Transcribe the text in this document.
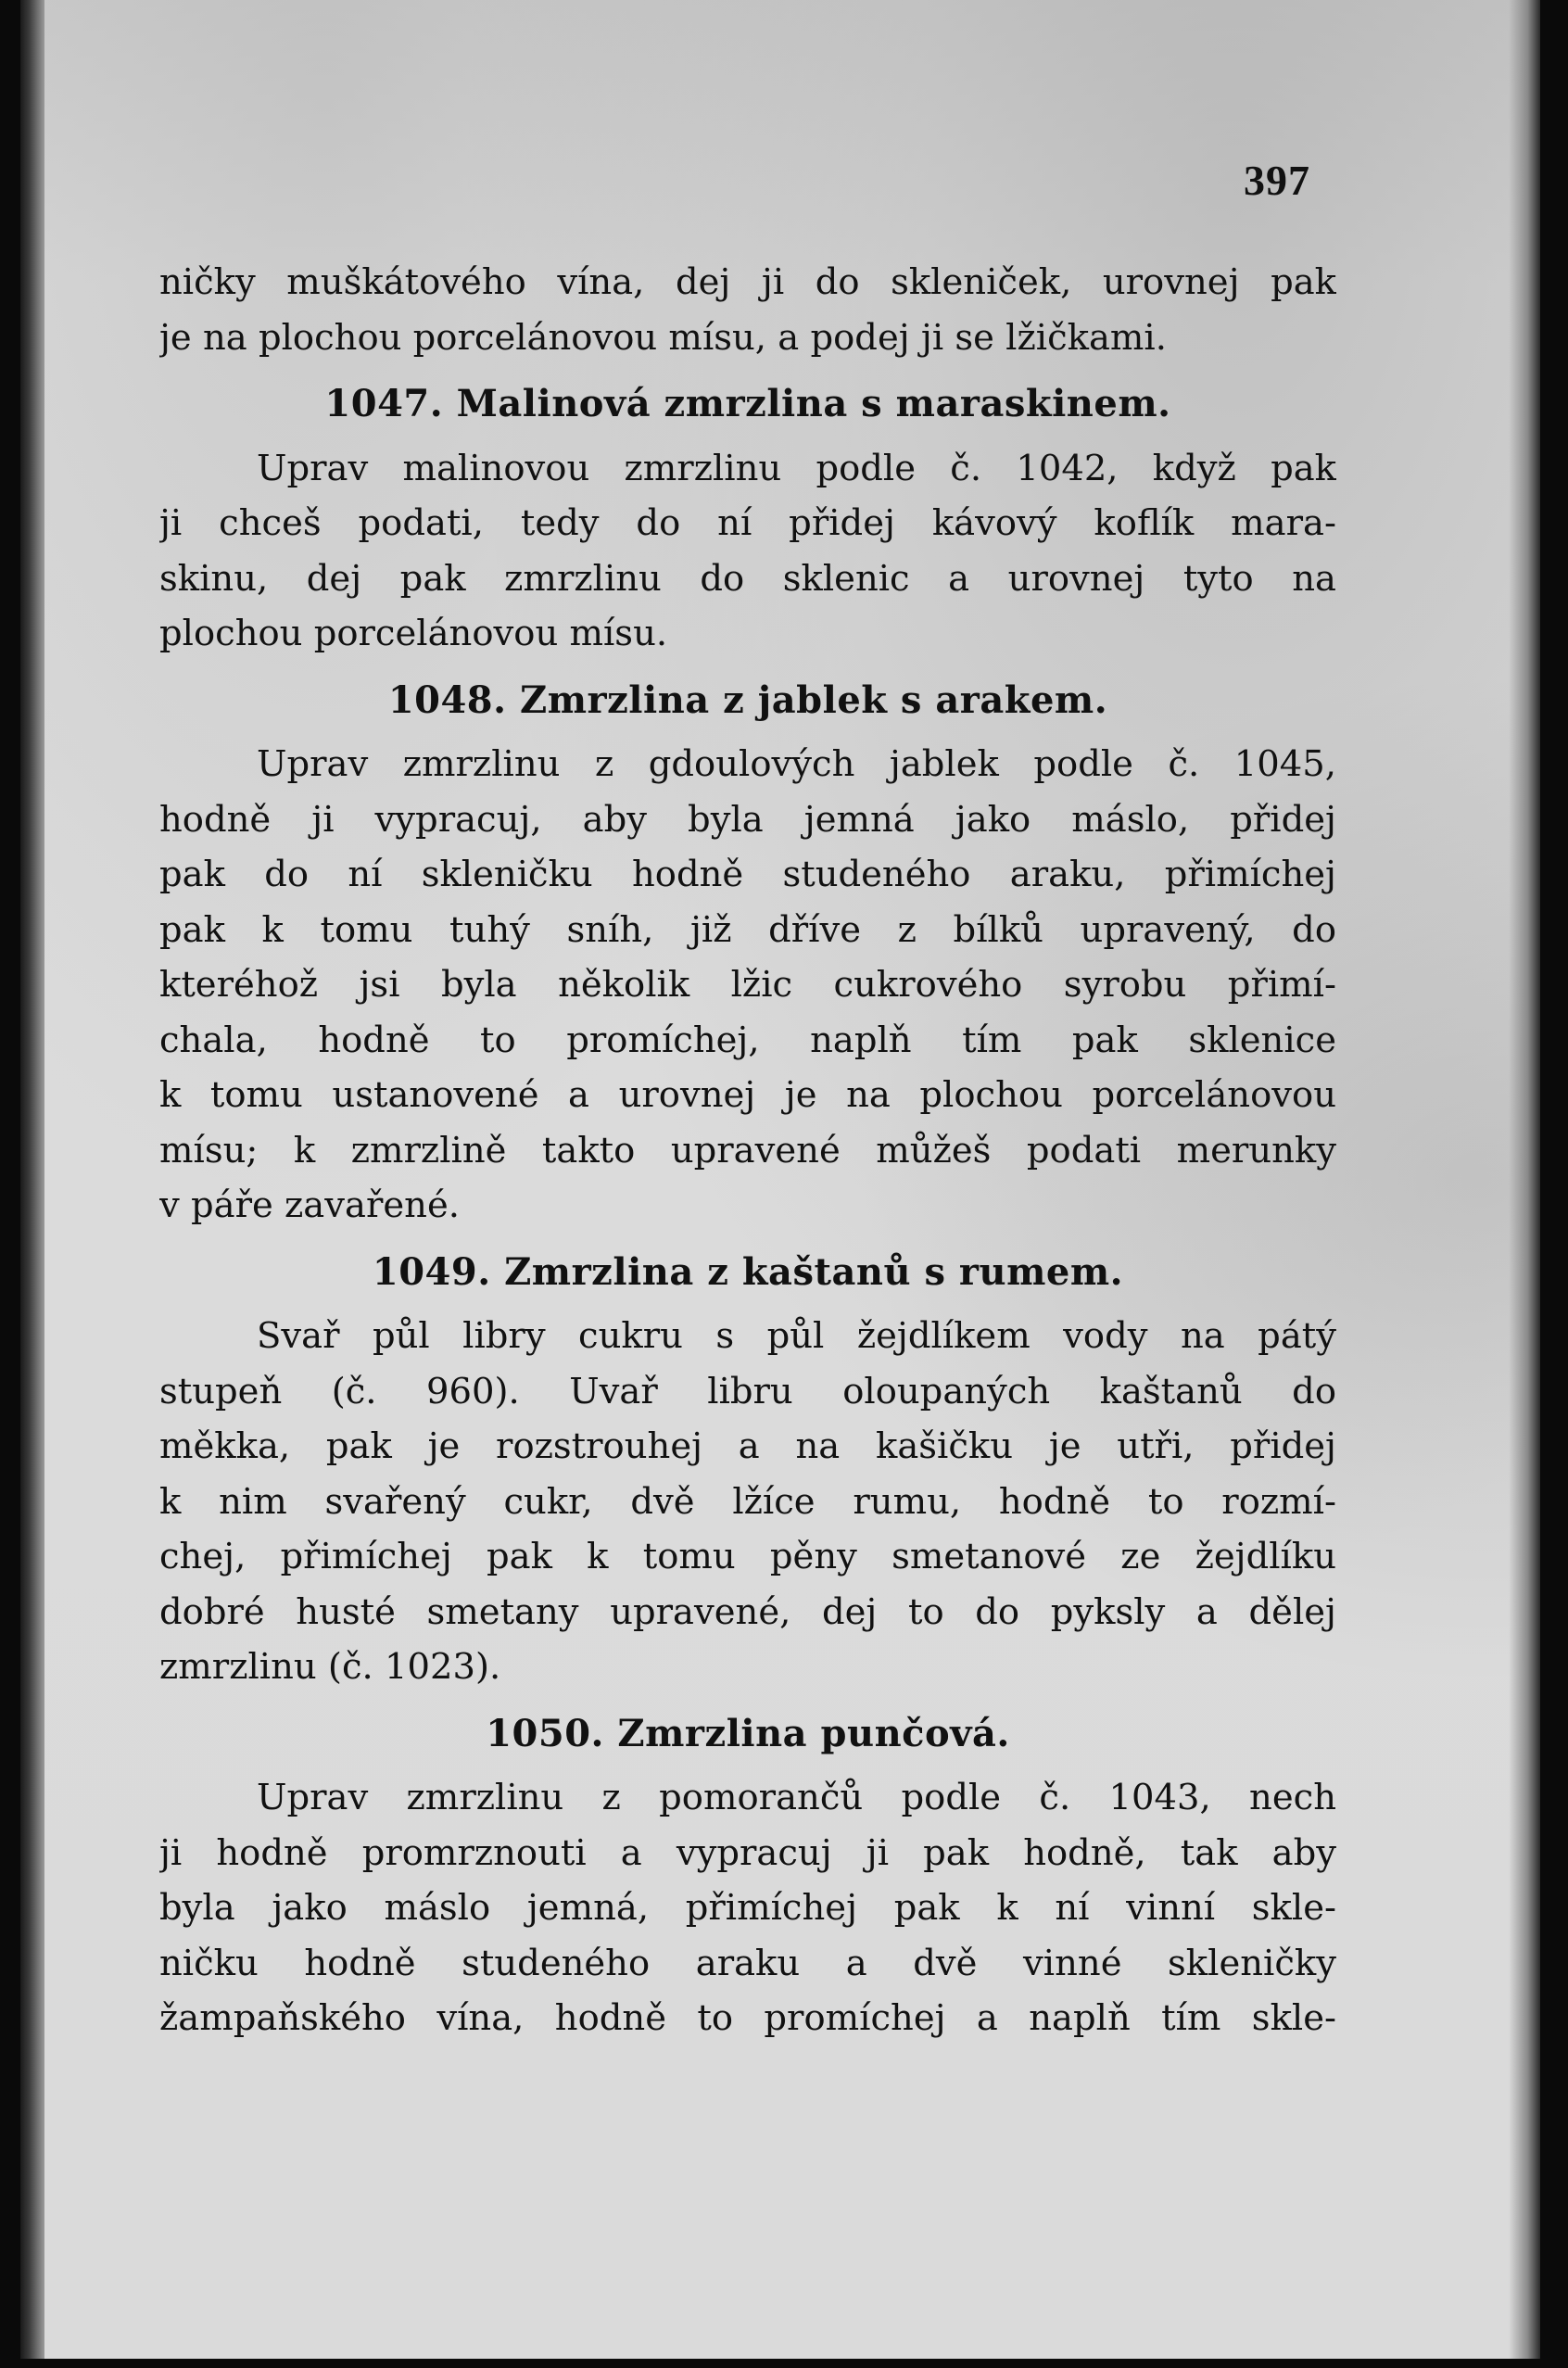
397
ničky muškátového vína, dej ji do skleniček, urovnej pak
je na plochou porcelánovou mísu, a podej ji se lžičkami.
1047. Malinová zmrzlina s maraskinem.
Uprav malinovou zmrzlinu podle č. 1042, když pak
ji chceš podati, tedy do ní přidej kávový koflík mara-
skinu, dej pak zmrzlinu do sklenic a urovnej tyto na
plochou porcelánovou mísu.
1048. Zmrzlina z jablek s arakem.
Uprav zmrzlinu z gdoulových jablek podle č. 1045,
hodně ji vypracuj, aby byla jemná jako máslo, přidej
pak do ní skleničku hodně studeného araku, přimíchej
pak k tomu tuhý sníh, již dříve z bílků upravený, do
kteréhož jsi byla několik lžic cukrového syrobu přimí-
chala, hodně to promíchej, naplň tím pak sklenice
k tomu ustanovené a urovnej je na plochou porcelánovou
mísu; k zmrzlině takto upravené můžeš podati merunky
v páře zavařené.
1049. Zmrzlina z kaštanů s rumem.
Svař půl libry cukru s půl žejdlíkem vody na pátý
stupeň (č. 960). Uvař libru oloupaných kaštanů do
měkka, pak je rozstrouhej a na kašičku je utři, přidej
k nim svařený cukr, dvě lžíce rumu, hodně to rozmí-
chej, přimíchej pak k tomu pěny smetanové ze žejdlíku
dobré husté smetany upravené, dej to do pyksly a dělej
zmrzlinu (č. 1023).
1050. Zmrzlina punčová.
Uprav zmrzlinu z pomorančů podle č. 1043, nech
ji hodně promrznouti a vypracuj ji pak hodně, tak aby
byla jako máslo jemná, přimíchej pak k ní vinní skle-
ničku hodně studeného araku a dvě vinné skleničky
žampaňského vína, hodně to promíchej a naplň tím skle-
